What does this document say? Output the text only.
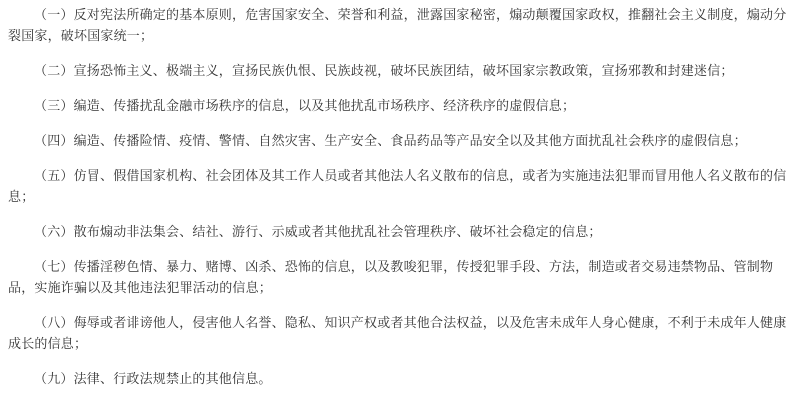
（一）反对宪法所确定的基本原则，危害国家安全、荣誉和利益，泄露国家秘密，煽动颠覆国家政权，推翻社会主义制度，煽动分裂国家，破坏国家统一；

（二）宣扬恐怖主义、极端主义，宣扬民族仇恨、民族歧视，破坏民族团结，破坏国家宗教政策，宣扬邪教和封建迷信；

（三）编造、传播扰乱金融市场秩序的信息，以及其他扰乱市场秩序、经济秩序的虚假信息；

（四）编造、传播险情、疫情、警情、自然灾害、生产安全、食品药品等产品安全以及其他方面扰乱社会秩序的虚假信息；

（五）仿冒、假借国家机构、社会团体及其工作人员或者其他法人名义散布的信息，或者为实施违法犯罪而冒用他人名义散布的信息；

（六）散布煽动非法集会、结社、游行、示威或者其他扰乱社会管理秩序、破坏社会稳定的信息；

（七）传播淫秽色情、暴力、赌博、凶杀、恐怖的信息，以及教唆犯罪，传授犯罪手段、方法，制造或者交易违禁物品、管制物品，实施诈骗以及其他违法犯罪活动的信息；

（八）侮辱或者诽谤他人，侵害他人名誉、隐私、知识产权或者其他合法权益，以及危害未成年人身心健康，不利于未成年人健康成长的信息；

（九）法律、行政法规禁止的其他信息。
